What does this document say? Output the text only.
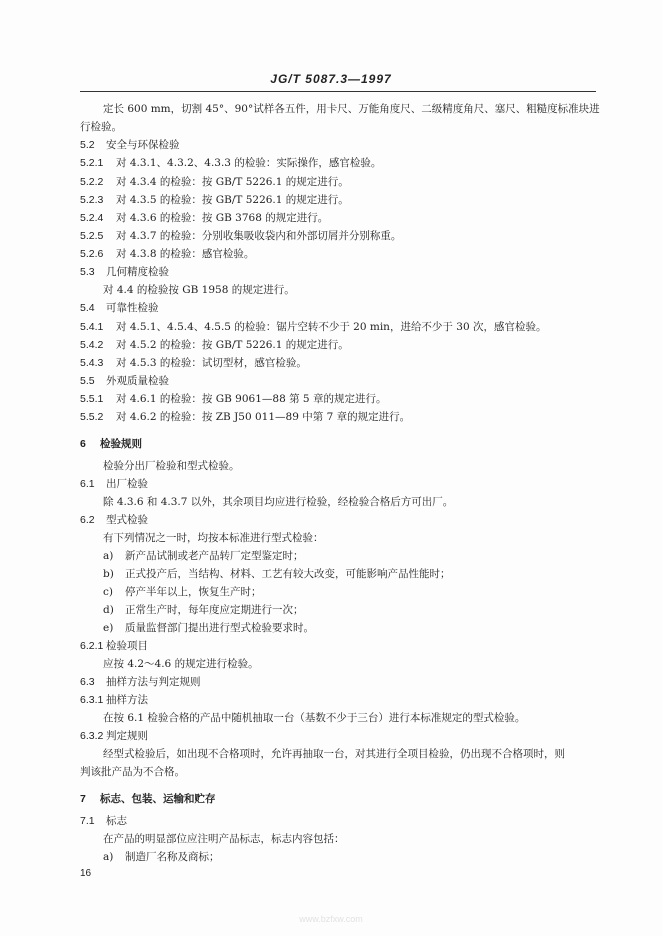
JG/T 5087.3—1997
定长 600 mm，切割 45°、90°试样各五件，用卡尺、万能角度尺、二级精度角尺、塞尺、粗糙度标准块进
行检验。
5.2 安全与环保检验
5.2.1 对 4.3.1、4.3.2、4.3.3 的检验：实际操作，感官检验。
5.2.2 对 4.3.4 的检验：按 GB/T 5226.1 的规定进行。
5.2.3 对 4.3.5 的检验：按 GB/T 5226.1 的规定进行。
5.2.4 对 4.3.6 的检验：按 GB 3768 的规定进行。
5.2.5 对 4.3.7 的检验：分别收集吸收袋内和外部切屑并分别称重。
5.2.6 对 4.3.8 的检验：感官检验。
5.3 几何精度检验
对 4.4 的检验按 GB 1958 的规定进行。
5.4 可靠性检验
5.4.1 对 4.5.1、4.5.4、4.5.5 的检验：锯片空转不少于 20 min，进给不少于 30 次，感官检验。
5.4.2 对 4.5.2 的检验：按 GB/T 5226.1 的规定进行。
5.4.3 对 4.5.3 的检验：试切型材，感官检验。
5.5 外观质量检验
5.5.1 对 4.6.1 的检验：按 GB 9061—88 第 5 章的规定进行。
5.5.2 对 4.6.2 的检验：按 ZB J50 011—89 中第 7 章的规定进行。
6 检验规则
检验分出厂检验和型式检验。
6.1 出厂检验
除 4.3.6 和 4.3.7 以外，其余项目均应进行检验，经检验合格后方可出厂。
6.2 型式检验
有下列情况之一时，均按本标准进行型式检验：
a) 新产品试制或老产品转厂定型鉴定时；
b) 正式投产后，当结构、材料、工艺有较大改变，可能影响产品性能时；
c) 停产半年以上，恢复生产时；
d) 正常生产时，每年度应定期进行一次；
e) 质量监督部门提出进行型式检验要求时。
6.2.1 检验项目
应按 4.2～4.6 的规定进行检验。
6.3 抽样方法与判定规则
6.3.1 抽样方法
在按 6.1 检验合格的产品中随机抽取一台（基数不少于三台）进行本标准规定的型式检验。
6.3.2 判定规则
经型式检验后，如出现不合格项时，允许再抽取一台，对其进行全项目检验，仍出现不合格项时，则
判该批产品为不合格。
7 标志、包装、运输和贮存
7.1 标志
在产品的明显部位应注明产品标志，标志内容包括：
a) 制造厂名称及商标；
16
www.bzfxw.com
